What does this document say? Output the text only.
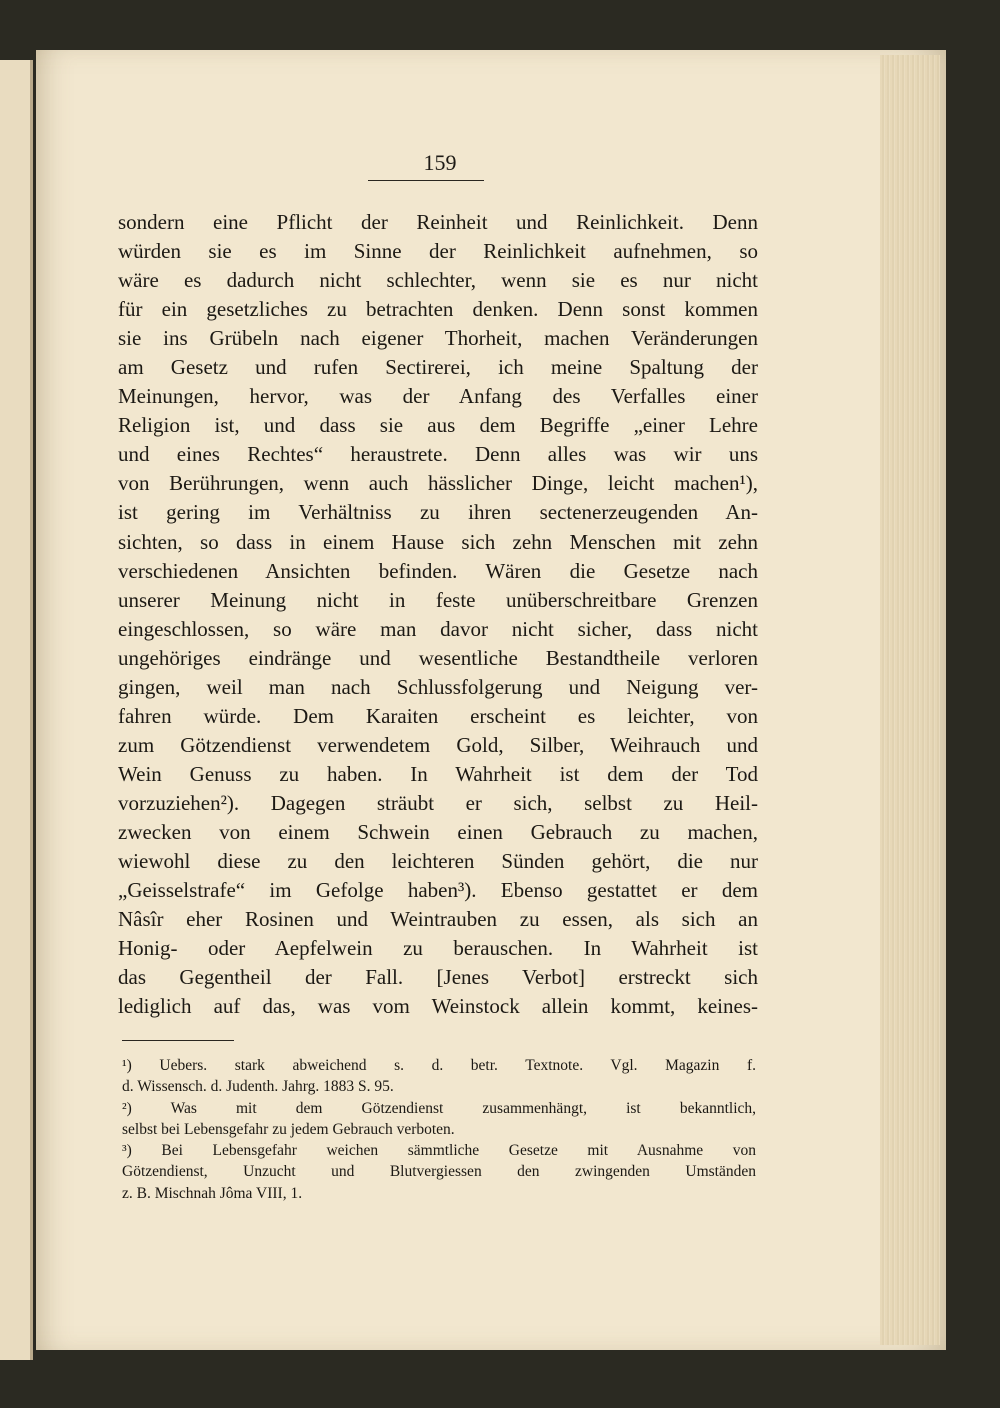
159
sondern eine Pflicht der Reinheit und Reinlichkeit. Denn
würden sie es im Sinne der Reinlichkeit aufnehmen, so
wäre es dadurch nicht schlechter, wenn sie es nur nicht
für ein gesetzliches zu betrachten denken. Denn sonst kommen
sie ins Grübeln nach eigener Thorheit, machen Veränderungen
am Gesetz und rufen Sectirerei, ich meine Spaltung der
Meinungen, hervor, was der Anfang des Verfalles einer
Religion ist, und dass sie aus dem Begriffe „einer Lehre
und eines Rechtes“ heraustrete. Denn alles was wir uns
von Berührungen, wenn auch hässlicher Dinge, leicht machen¹),
ist gering im Verhältniss zu ihren sectenerzeugenden An-
sichten, so dass in einem Hause sich zehn Menschen mit zehn
verschiedenen Ansichten befinden. Wären die Gesetze nach
unserer Meinung nicht in feste unüberschreitbare Grenzen
eingeschlossen, so wäre man davor nicht sicher, dass nicht
ungehöriges eindränge und wesentliche Bestandtheile verloren
gingen, weil man nach Schlussfolgerung und Neigung ver-
fahren würde. Dem Karaiten erscheint es leichter, von
zum Götzendienst verwendetem Gold, Silber, Weihrauch und
Wein Genuss zu haben. In Wahrheit ist dem der Tod
vorzuziehen²). Dagegen sträubt er sich, selbst zu Heil-
zwecken von einem Schwein einen Gebrauch zu machen,
wiewohl diese zu den leichteren Sünden gehört, die nur
„Geisselstrafe“ im Gefolge haben³). Ebenso gestattet er dem
Nâsîr eher Rosinen und Weintrauben zu essen, als sich an
Honig- oder Aepfelwein zu berauschen. In Wahrheit ist
das Gegentheil der Fall. [Jenes Verbot] erstreckt sich
lediglich auf das, was vom Weinstock allein kommt, keines-
¹) Uebers. stark abweichend s. d. betr. Textnote. Vgl. Magazin f.
d. Wissensch. d. Judenth. Jahrg. 1883 S. 95.
²) Was mit dem Götzendienst zusammenhängt, ist bekanntlich,
selbst bei Lebensgefahr zu jedem Gebrauch verboten.
³) Bei Lebensgefahr weichen sämmtliche Gesetze mit Ausnahme von
Götzendienst, Unzucht und Blutvergiessen den zwingenden Umständen
z. B. Mischnah Jôma VIII, 1.
